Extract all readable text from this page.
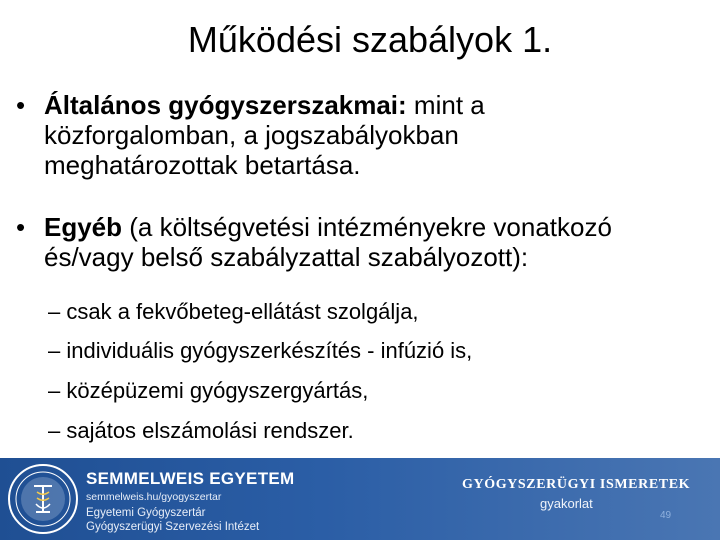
Működési szabályok 1.
• Általános gyógyszerszakmai: mint a
közforgalomban, a jogszabályokban
meghatározottak betartása.
• Egyéb (a költségvetési intézményekre vonatkozó
és/vagy belső szabályzattal szabályozott):
– csak a fekvőbeteg-ellátást szolgálja,
– individuális gyógyszerkészítés - infúzió is,
– középüzemi gyógyszergyártás,
– sajátos elszámolási rendszer.
SEMMELWEIS EGYETEM
semmelweis.hu/gyogyszertar
Egyetemi Gyógyszertár
Gyógyszerügyi Szervezési Intézet
GYÓGYSZERÜGYI ISMERETEK
gyakorlat
49
